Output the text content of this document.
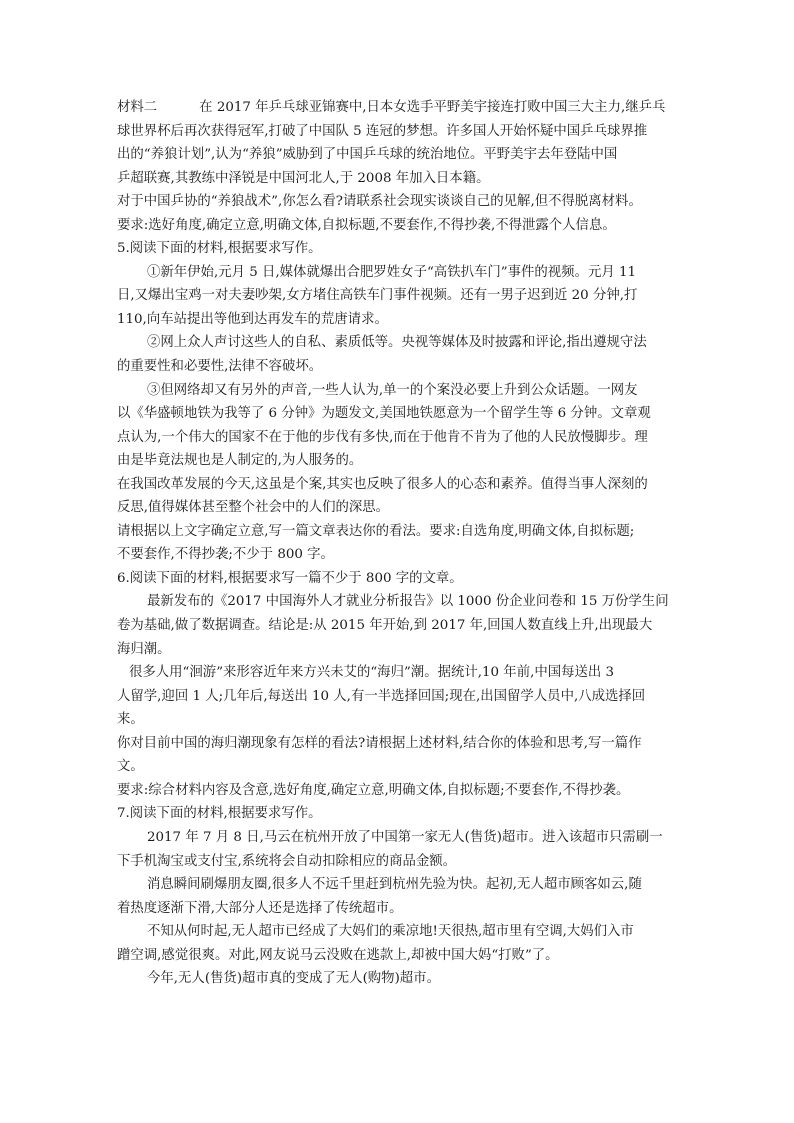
材料二	在 2017 年乒乓球亚锦赛中,日本女选手平野美宇接连打败中国三大主力,继乒乓
球世界杯后再次获得冠军,打破了中国队 5 连冠的梦想。许多国人开始怀疑中国乒乓球界推
出的“养狼计划”,认为“养狼”威胁到了中国乒乓球的统治地位。平野美宇去年登陆中国
乒超联赛,其教练中泽锐是中国河北人,于 2008 年加入日本籍。
对于中国乒协的“养狼战术”,你怎么看?请联系社会现实谈谈自己的见解,但不得脱离材料。
要求:选好角度,确定立意,明确文体,自拟标题,不要套作,不得抄袭,不得泄露个人信息。
5.阅读下面的材料,根据要求写作。
①新年伊始,元月 5 日,媒体就爆出合肥罗姓女子“高铁扒车门”事件的视频。元月 11
日,又爆出宝鸡一对夫妻吵架,女方堵住高铁车门事件视频。还有一男子迟到近 20 分钟,打
110,向车站提出等他到达再发车的荒唐请求。
②网上众人声讨这些人的自私、素质低等。央视等媒体及时披露和评论,指出遵规守法
的重要性和必要性,法律不容破坏。
③但网络却又有另外的声音,一些人认为,单一的个案没必要上升到公众话题。一网友
以《华盛顿地铁为我等了 6 分钟》为题发文,美国地铁愿意为一个留学生等 6 分钟。文章观
点认为,一个伟大的国家不在于他的步伐有多快,而在于他肯不肯为了他的人民放慢脚步。理
由是毕竟法规也是人制定的,为人服务的。
在我国改革发展的今天,这虽是个案,其实也反映了很多人的心态和素养。值得当事人深刻的
反思,值得媒体甚至整个社会中的人们的深思。
请根据以上文字确定立意,写一篇文章表达你的看法。要求:自选角度,明确文体,自拟标题;
不要套作,不得抄袭;不少于 800 字。
6.阅读下面的材料,根据要求写一篇不少于 800 字的文章。
最新发布的《2017 中国海外人才就业分析报告》以 1000 份企业问卷和 15 万份学生问
卷为基础,做了数据调查。结论是:从 2015 年开始,到 2017 年,回国人数直线上升,出现最大
海归潮。
很多人用“洄游”来形容近年来方兴未艾的“海归”潮。据统计,10 年前,中国每送出 3
人留学,迎回 1 人;几年后,每送出 10 人,有一半选择回国;现在,出国留学人员中,八成选择回
来。
你对目前中国的海归潮现象有怎样的看法?请根据上述材料,结合你的体验和思考,写一篇作
文。
要求:综合材料内容及含意,选好角度,确定立意,明确文体,自拟标题;不要套作,不得抄袭。
7.阅读下面的材料,根据要求写作。
2017 年 7 月 8 日,马云在杭州开放了中国第一家无人(售货)超市。进入该超市只需刷一
下手机淘宝或支付宝,系统将会自动扣除相应的商品金额。
消息瞬间刷爆朋友圈,很多人不远千里赶到杭州先验为快。起初,无人超市顾客如云,随
着热度逐渐下滑,大部分人还是选择了传统超市。
不知从何时起,无人超市已经成了大妈们的乘凉地!天很热,超市里有空调,大妈们入市
蹭空调,感觉很爽。对此,网友说马云没败在逃款上,却被中国大妈“打败”了。
今年,无人(售货)超市真的变成了无人(购物)超市。
